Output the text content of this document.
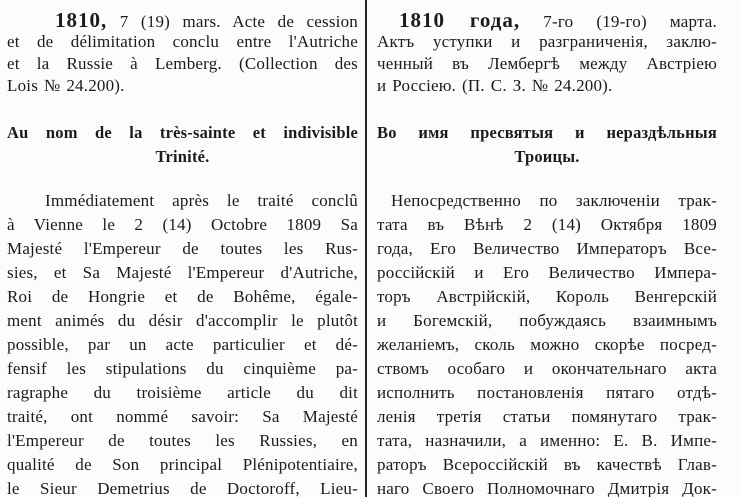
1810, 7 (19) mars. Acte de cession
et de délimitation conclu entre l'Autriche
et la Russie à Lemberg. (Collection des
Lois № 24.200).
Au nom de la très-sainte et indivisible
Trinité.
Immédiatement après le traité conclû
à Vienne le 2 (14) Octobre 1809 Sa
Majesté l'Empereur de toutes les Rus-
sies, et Sa Majesté l'Empereur d'Autriche,
Roi de Hongrie et de Bohême, égale-
ment animés du désir d'accomplir le plutôt
possible, par un acte particulier et dé-
fensif les stipulations du cinquième pa-
ragraphe du troisième article du dit
traité, ont nommé savoir: Sa Majesté
l'Empereur de toutes les Russies, en
qualité de Son principal Plénipotentiaire,
le Sieur Demetrius de Doctoroff, Lieu-
1810 года, 7-го (19-го) марта.
Актъ уступки и разграниченія, заклю-
ченный въ Лембергѣ между Австріею
и Россіею. (П. С. З. № 24.200).
Во имя пресвятыя и нераздѣльныя
Троицы.
Непосредственно по заключеніи трак-
тата въ Вѣнѣ 2 (14) Октября 1809
года, Его Величество Императоръ Все-
россійскій и Его Величество Импера-
торъ Австрійскій, Король Венгерскій
и Богемскій, побуждаясь взаимнымъ
желаніемъ, сколь можно скорѣе посред-
ствомъ особаго и окончательнаго акта
исполнить постановленія пятаго отдѣ-
ленія третія статьи помянутаго трак-
тата, назначили, а именно: Е. В. Импе-
раторъ Всероссійскій въ качествѣ Глав-
наго Своего Полномочнаго Дмитрія Док-
